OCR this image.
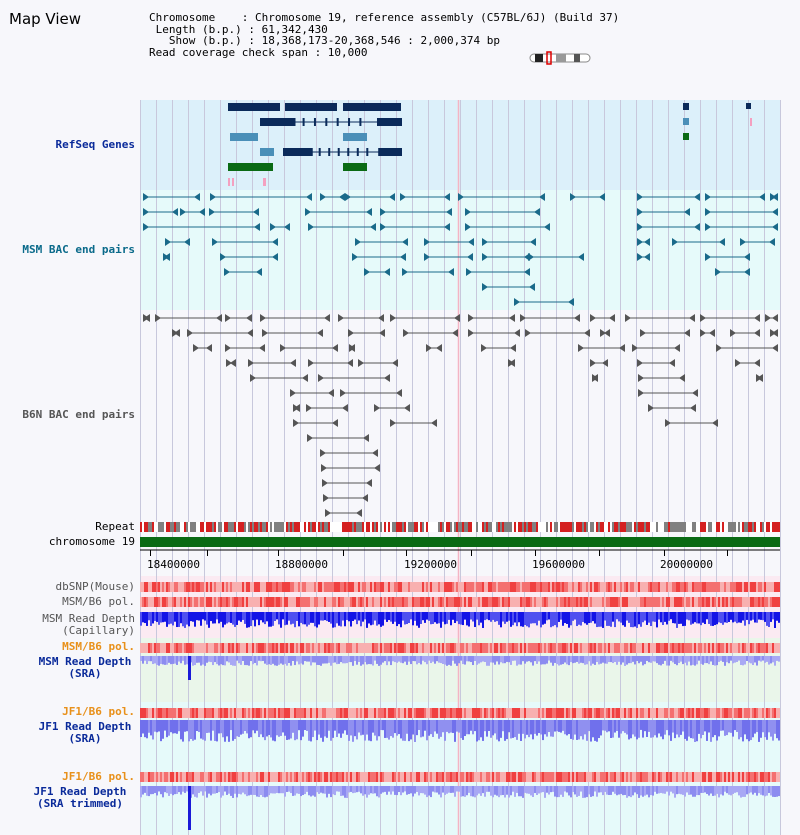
Map View	Chromosome    : Chromosome 19, reference assembly (C57BL/6J) (Build 37)
Length (b.p.) : 61,342,430
Show (b.p.) : 18,368,173-20,368,546 : 2,000,374 bp
Read coverage check span : 10,000
RefSeq Genes
MSM BAC end pairs
B6N BAC end pairs
Repeat
chromosome 19
dbSNP(Mouse)
MSM/B6 pol.
MSM Read Depth
(Capillary)
MSM/B6 pol.
MSM Read Depth
(SRA)
JF1/B6 pol.
JF1 Read Depth
(SRA)
JF1/B6 pol.
JF1 Read Depth
(SRA trimmed)
18400000	18800000	19200000	19600000	20000000
